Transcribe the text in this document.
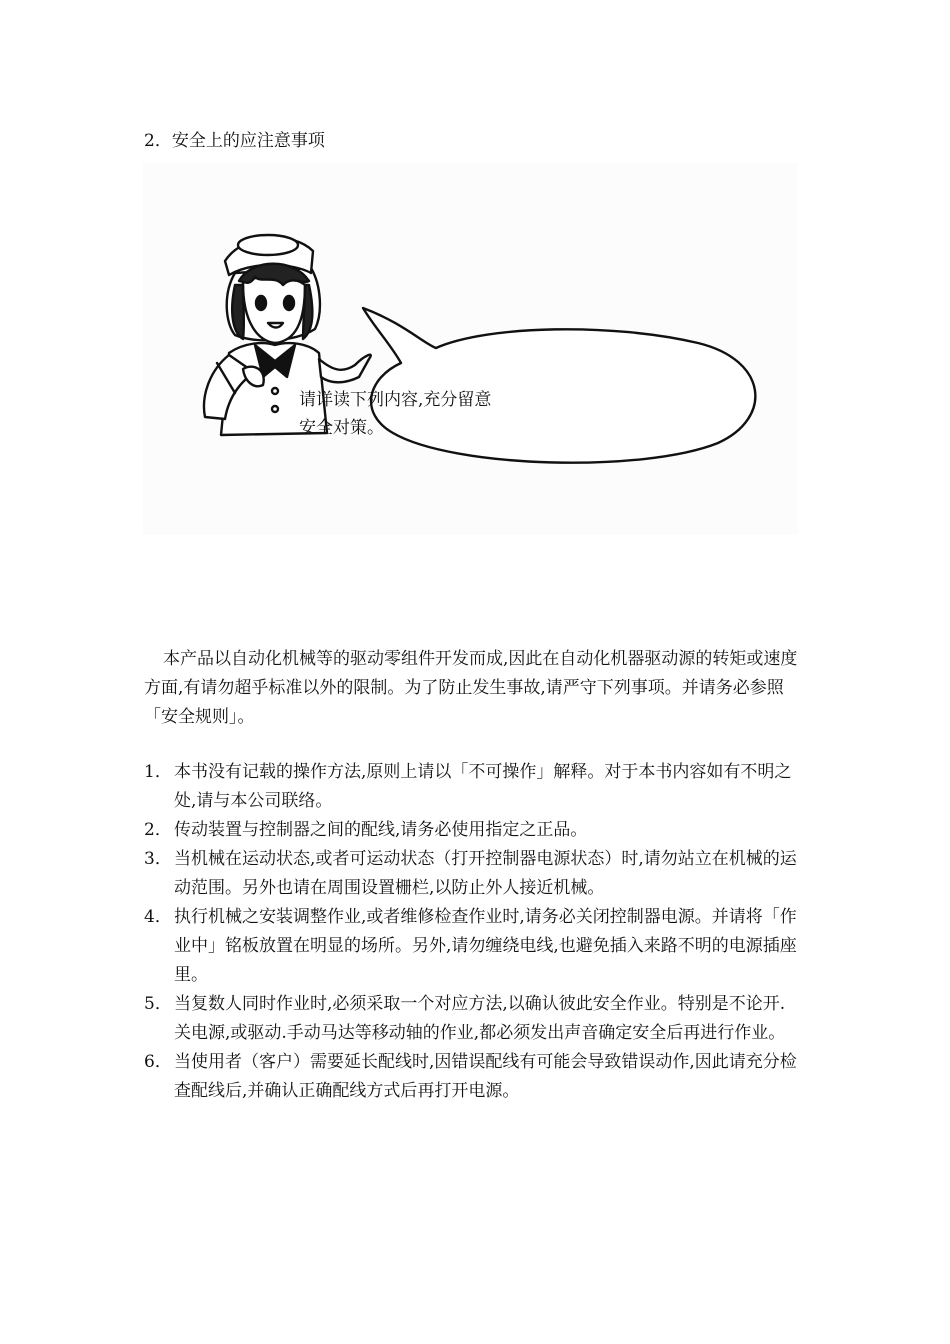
2．安全上的应注意事项
请详读下列内容,充分留意
安全对策。

本产品以自动化机械等的驱动零组件开发而成,因此在自动化机器驱动源的转矩或速度
方面,有请勿超乎标准以外的限制。为了防止发生事故,请严守下列事项。并请务必参照
「安全规则」。

1． 本书没有记载的操作方法,原则上请以「不可操作」解释。对于本书内容如有不明之
处,请与本公司联络。
2． 传动装置与控制器之间的配线,请务必使用指定之正品。
3． 当机械在运动状态,或者可运动状态（打开控制器电源状态）时,请勿站立在机械的运
动范围。另外也请在周围设置栅栏,以防止外人接近机械。
4． 执行机械之安装调整作业,或者维修检查作业时,请务必关闭控制器电源。并请将「作
业中」铭板放置在明显的场所。另外,请勿缠绕电线,也避免插入来路不明的电源插座
里。
5． 当复数人同时作业时,必须采取一个对应方法,以确认彼此安全作业。特别是不论开.
关电源,或驱动.手动马达等移动轴的作业,都必须发出声音确定安全后再进行作业。
6． 当使用者（客户）需要延长配线时,因错误配线有可能会导致错误动作,因此请充分检
查配线后,并确认正确配线方式后再打开电源。
